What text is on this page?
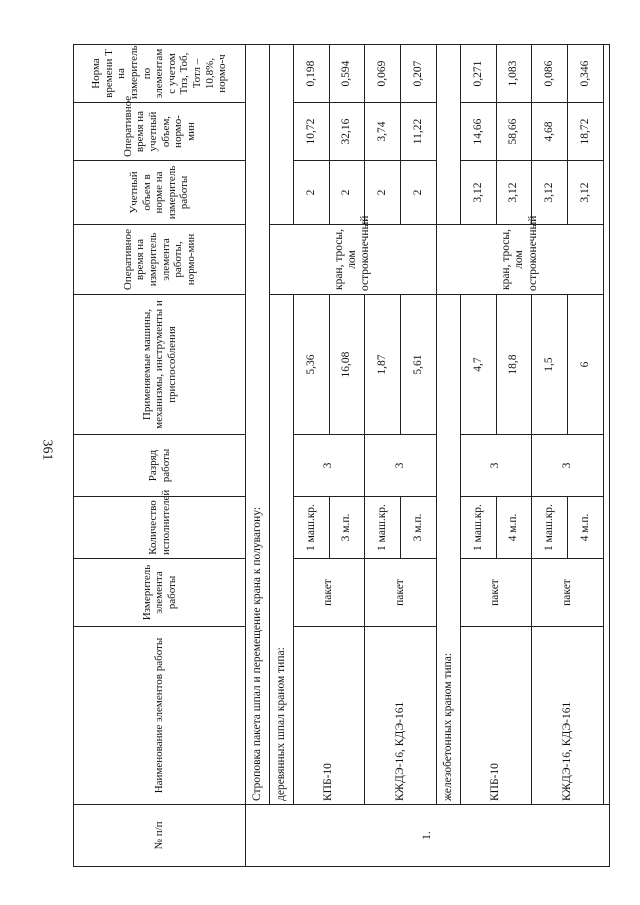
361
№ п/п	Наименование элементов работы	Измеритель элемента работы	Количество исполнителей	Разряд работы	Применяемые машины, механизмы, инструменты и приспособления	Оперативное время на измеритель элемента работы, нормо-мин	Учетный объем в норме на измеритель работы	Оперативное время на учетный объем, нормо-мин	Норма времени Т на измеритель по элементам с учетом Тпз, Тоб, Тотл – 10,8%, нормо-ч
1.	Строповка пакета шпал и перемещение крана к полувагону:								
	деревянных шпал краном типа:					кран, тросы, лом остроконечный			
	КПБ-10	пакет	1 маш.кр.	3	5,36		2	10,72	0,198
			3 м.п.		16,08		2	32,16	0,594
	КЖДЭ-16, КДЭ-161	пакет	1 маш.кр.	3	1,87		2	3,74	0,069
			3 м.п.		5,61		2	11,22	0,207
	железобетонных краном типа:					кран, тросы, лом остроконечный			
	КПБ-10	пакет	1 маш.кр.	3	4,7		3,12	14,66	0,271
			4 м.п.		18,8		3,12	58,66	1,083
	КЖДЭ-16, КДЭ-161	пакет	1 маш.кр.	3	1,5		3,12	4,68	0,086
			4 м.п.		6		3,12	18,72	0,346
